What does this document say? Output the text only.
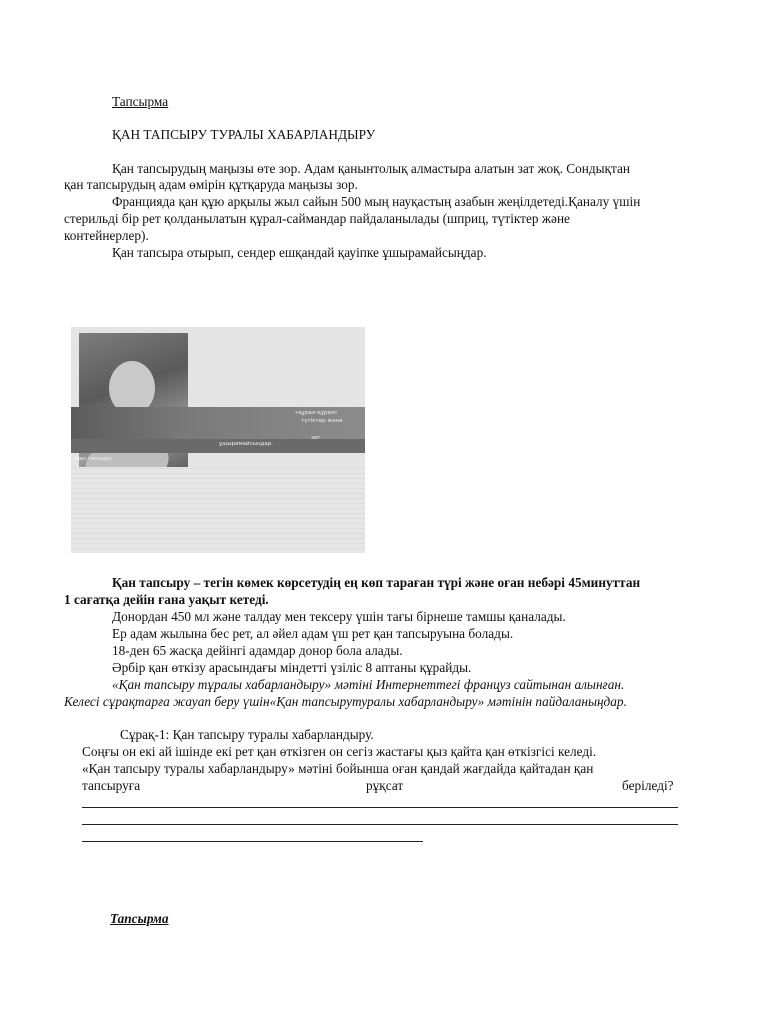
Тапсырма
ҚАН ТАПСЫРУ ТУРАЛЫ ХАБАРЛАНДЫРУ
Қан тапсырудың маңызы өте зор. Адам қанынтолық алмастыра алатын зат жоқ. Сондықтан
қан тапсырудың адам өмірін құтқаруда маңызы зор.
Францияда қан құю арқылы жыл сайын 500 мың науқастың азабын жеңілдетеді.Қаналу үшін
стерильді бір рет қолданылатын құрал-саймандар пайдаланылады (шприц, түтіктер және
контейнерлер).
Қан тапсыра отырып, сендер ешқандай қауіпке ұшырамайсыңдар.
«құрал-құрал»
түтіктер және
зат
ұшырамайсыңдар.
Қан тапсыру -
Қан тапсыру – тегін көмек көрсетудің ең көп тараған түрі және оған небәрі 45минуттан
1 сағатқа дейін ғана уақыт кетеді.
Донордан 450 мл және талдау мен тексеру үшін тағы бірнеше тамшы қаналады.
Ер адам жылына бес рет, ал әйел адам үш рет қан тапсыруына болады.
18-ден 65 жасқа дейінгі адамдар донор бола алады.
Әрбір қан өткізу арасындағы міндетті үзіліс 8 аптаны құрайды.
«Қан тапсыру тұралы хабарландыру» мәтіні Интернеттегі француз сайтынан алынған.
Келесі сұрақтарға жауап беру үшін«Қан тапсырутуралы хабарландыру» мәтінін пайдаланыңдар.
Сұрақ-1: Қан тапсыру туралы хабарландыру.
Соңғы он екі ай ішінде екі рет қан өткізген он сегіз жастағы қыз қайта қан өткізгісі келеді.
«Қан тапсыру туралы хабарландыру» мәтіні бойынша оған қандай жағдайда қайтадан қан
тапсыруға	рұқсат	беріледі?
Тапсырма
